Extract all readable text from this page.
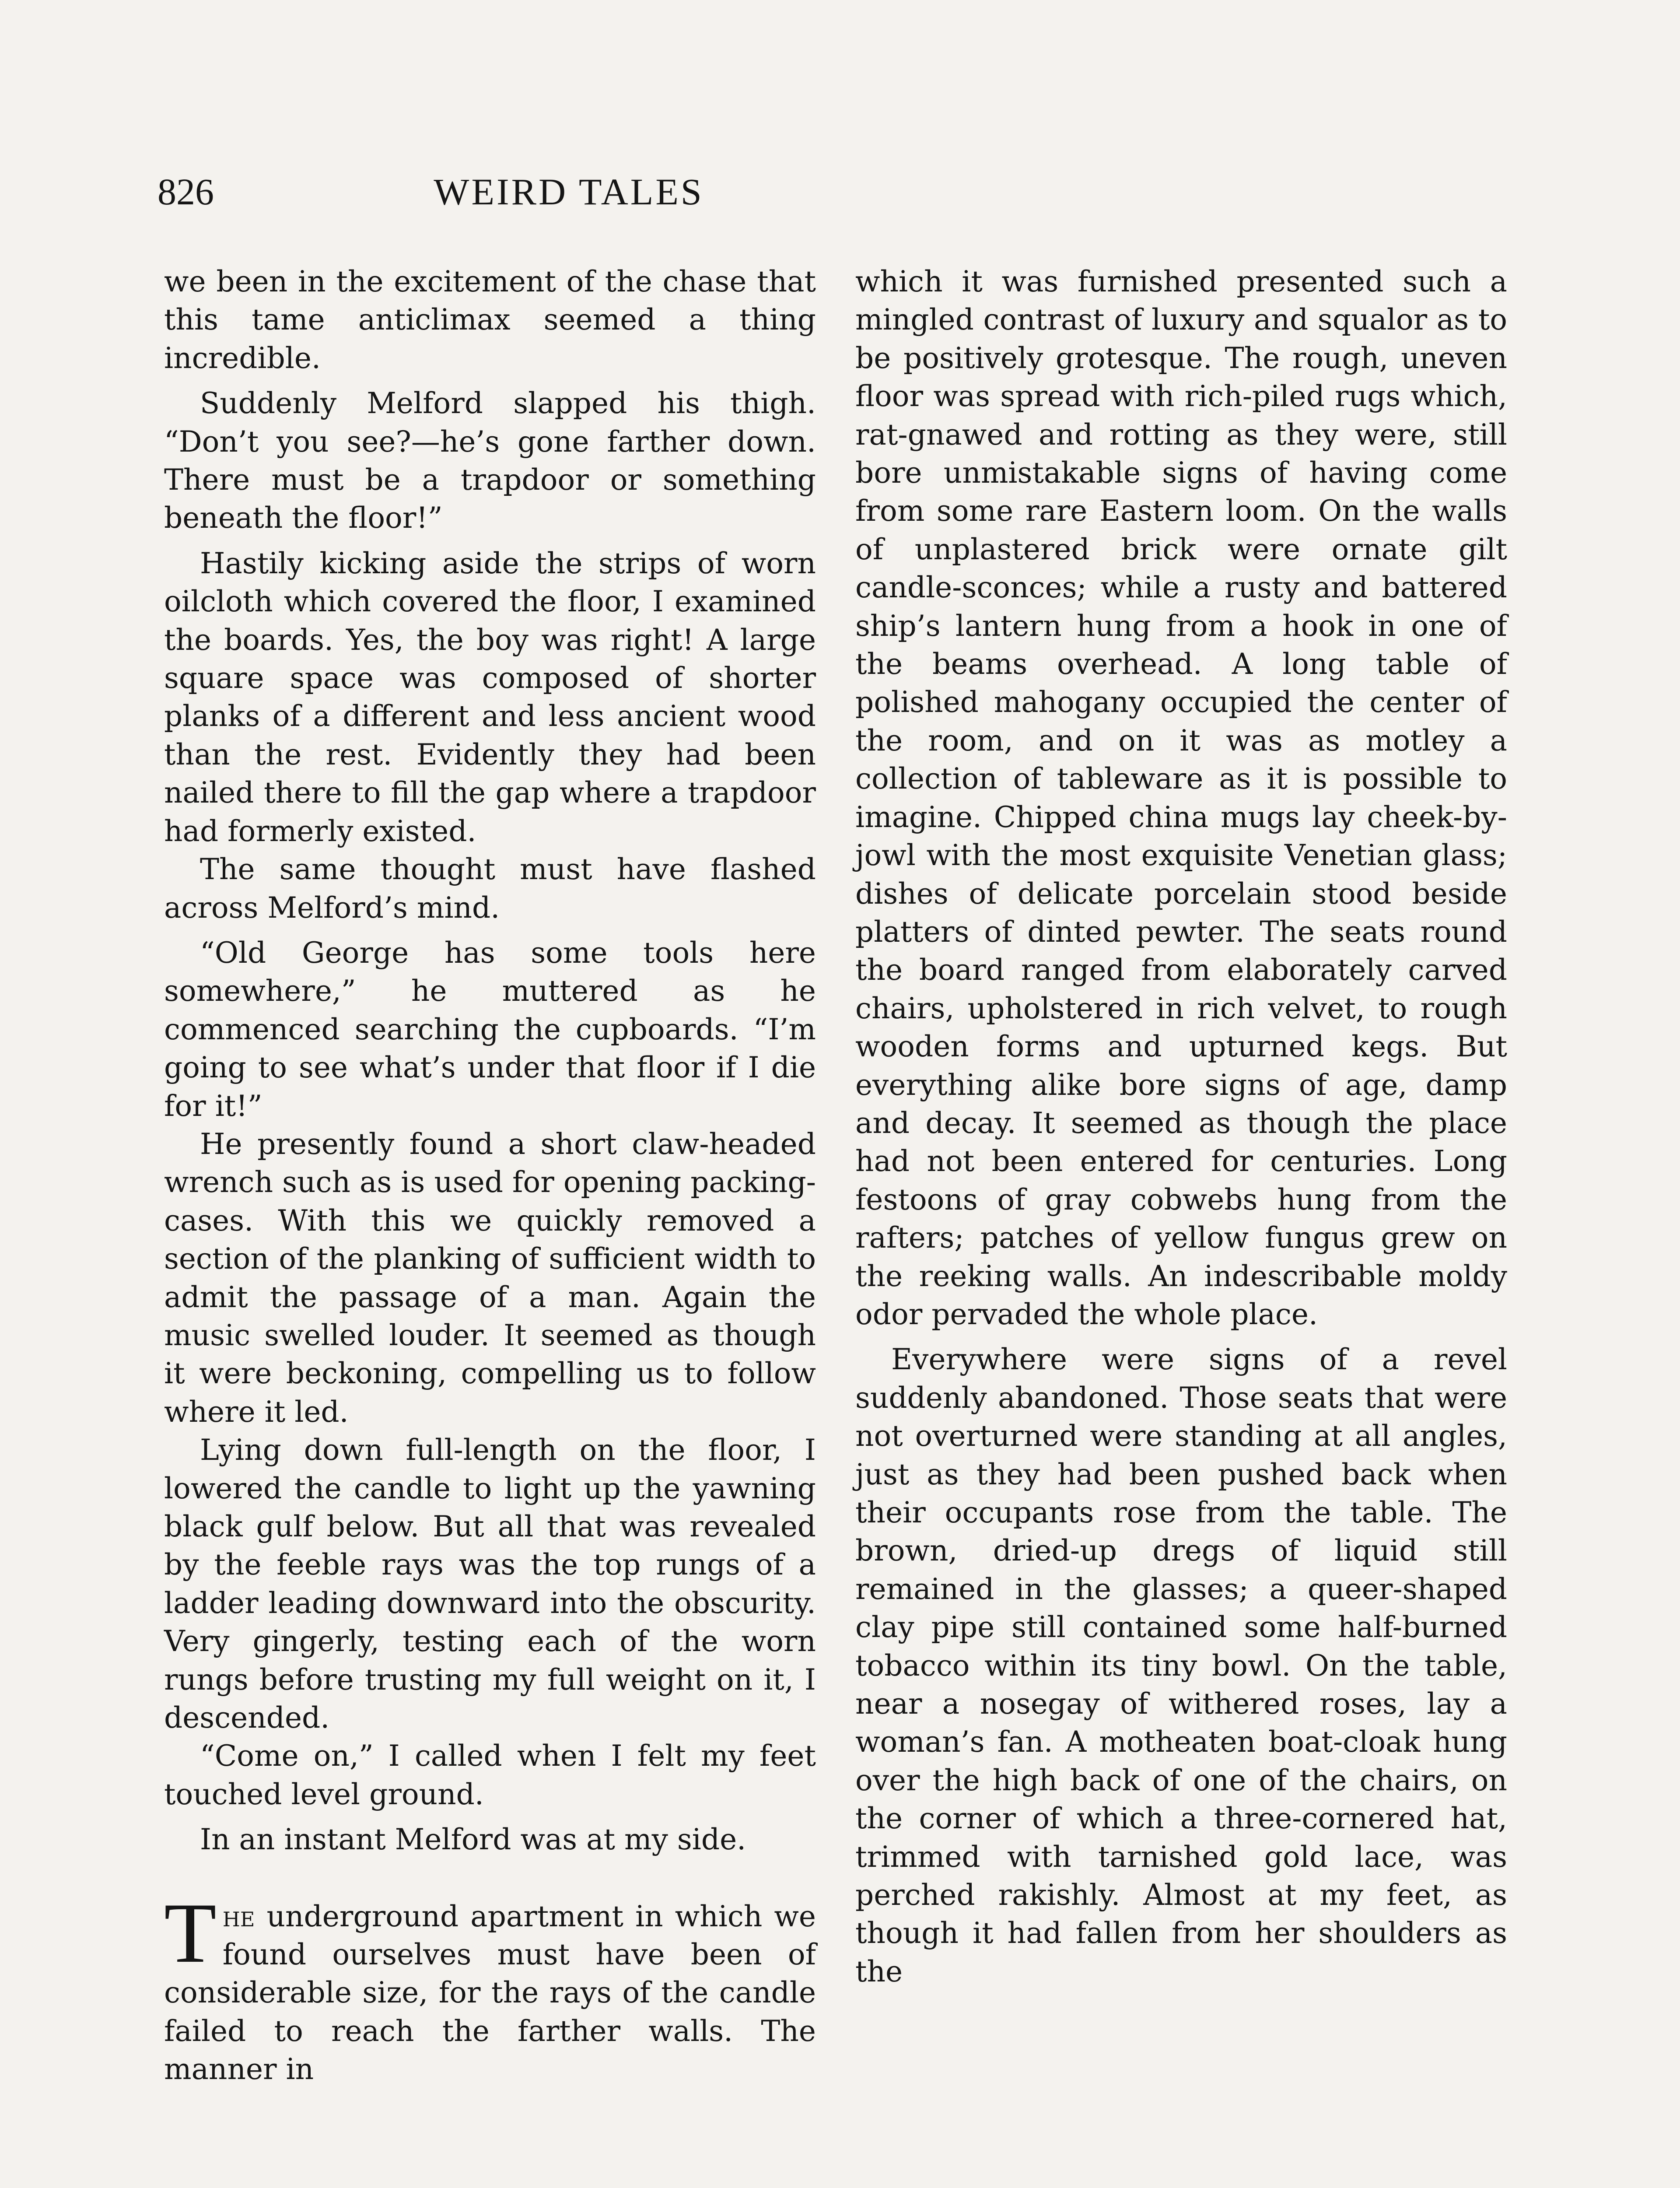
826	WEIRD TALES

we been in the excitement of the chase that this tame anticlimax seemed a thing incredible.

Suddenly Melford slapped his thigh. “Don’t you see?—he’s gone farther down. There must be a trapdoor or something beneath the floor!”

Hastily kicking aside the strips of worn oilcloth which covered the floor, I examined the boards. Yes, the boy was right! A large square space was composed of shorter planks of a different and less ancient wood than the rest. Evidently they had been nailed there to fill the gap where a trapdoor had formerly existed.

The same thought must have flashed across Melford’s mind.

“Old George has some tools here somewhere,” he muttered as he commenced searching the cupboards. “I’m going to see what’s under that floor if I die for it!”

He presently found a short claw-headed wrench such as is used for opening packing-cases. With this we quickly removed a section of the planking of sufficient width to admit the passage of a man. Again the music swelled louder. It seemed as though it were beckoning, compelling us to follow where it led.

Lying down full-length on the floor, I lowered the candle to light up the yawning black gulf below. But all that was revealed by the feeble rays was the top rungs of a ladder leading downward into the obscurity. Very gingerly, testing each of the worn rungs before trusting my full weight on it, I descended.

“Come on,” I called when I felt my feet touched level ground.

In an instant Melford was at my side.

The underground apartment in which we found ourselves must have been of considerable size, for the rays of the candle failed to reach the farther walls. The manner in

which it was furnished presented such a mingled contrast of luxury and squalor as to be positively grotesque. The rough, uneven floor was spread with rich-piled rugs which, rat-gnawed and rotting as they were, still bore unmistakable signs of having come from some rare Eastern loom. On the walls of unplastered brick were ornate gilt candle-sconces; while a rusty and battered ship’s lantern hung from a hook in one of the beams overhead. A long table of polished mahogany occupied the center of the room, and on it was as motley a collection of tableware as it is possible to imagine. Chipped china mugs lay cheek-by-jowl with the most exquisite Venetian glass; dishes of delicate porcelain stood beside platters of dinted pewter. The seats round the board ranged from elaborately carved chairs, upholstered in rich velvet, to rough wooden forms and upturned kegs. But everything alike bore signs of age, damp and decay. It seemed as though the place had not been entered for centuries. Long festoons of gray cobwebs hung from the rafters; patches of yellow fungus grew on the reeking walls. An indescribable moldy odor pervaded the whole place.

Everywhere were signs of a revel suddenly abandoned. Those seats that were not overturned were standing at all angles, just as they had been pushed back when their occupants rose from the table. The brown, dried-up dregs of liquid still remained in the glasses; a queer-shaped clay pipe still contained some half-burned tobacco within its tiny bowl. On the table, near a nosegay of withered roses, lay a woman’s fan. A motheaten boat-cloak hung over the high back of one of the chairs, on the corner of which a three-cornered hat, trimmed with tarnished gold lace, was perched rakishly. Almost at my feet, as though it had fallen from her shoulders as the
